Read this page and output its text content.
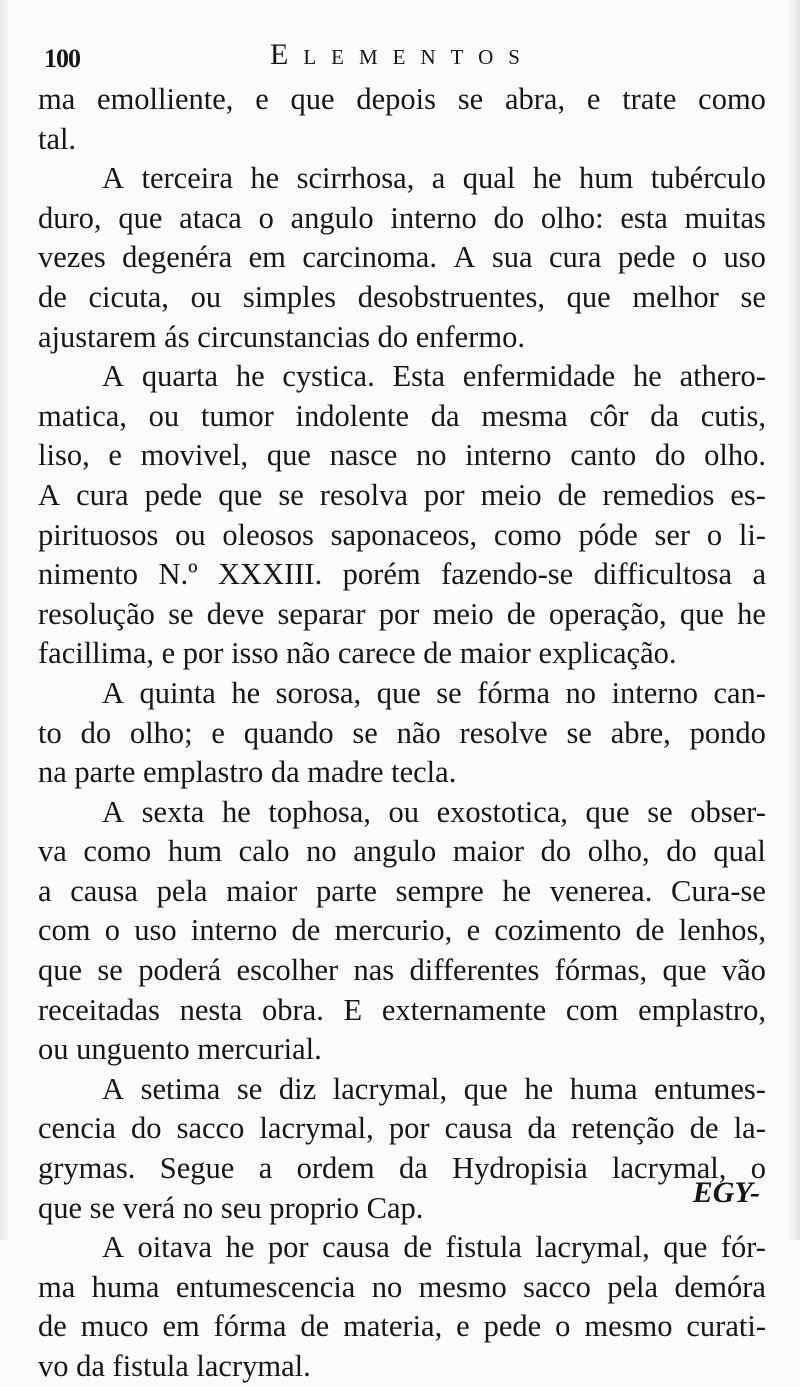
100	Elementos
ma emolliente, e que depois se abra, e trate como
tal.
A terceira he scirrhosa, a qual he hum tubérculo
duro, que ataca o angulo interno do olho: esta muitas
vezes degenéra em carcinoma. A sua cura pede o uso
de cicuta, ou simples desobstruentes, que melhor se
ajustarem ás circunstancias do enfermo.
A quarta he cystica. Esta enfermidade he athero-
matica, ou tumor indolente da mesma côr da cutis,
liso, e movivel, que nasce no interno canto do olho.
A cura pede que se resolva por meio de remedios es-
pirituosos ou oleosos saponaceos, como póde ser o li-
nimento N.º XXXIII. porém fazendo-se difficultosa a
resolução se deve separar por meio de operação, que he
facillima, e por isso não carece de maior explicação.
A quinta he sorosa, que se fórma no interno can-
to do olho; e quando se não resolve se abre, pondo
na parte emplastro da madre tecla.
A sexta he tophosa, ou exostotica, que se obser-
va como hum calo no angulo maior do olho, do qual
a causa pela maior parte sempre he venerea. Cura-se
com o uso interno de mercurio, e cozimento de lenhos,
que se poderá escolher nas differentes fórmas, que vão
receitadas nesta obra. E externamente com emplastro,
ou unguento mercurial.
A setima se diz lacrymal, que he huma entumes-
cencia do sacco lacrymal, por causa da retenção de la-
grymas. Segue a ordem da Hydropisia lacrymal, o
que se verá no seu proprio Cap.
A oitava he por causa de fistula lacrymal, que fór-
ma huma entumescencia no mesmo sacco pela demóra
de muco em fórma de materia, e pede o mesmo curati-
vo da fistula lacrymal.
EGY-
